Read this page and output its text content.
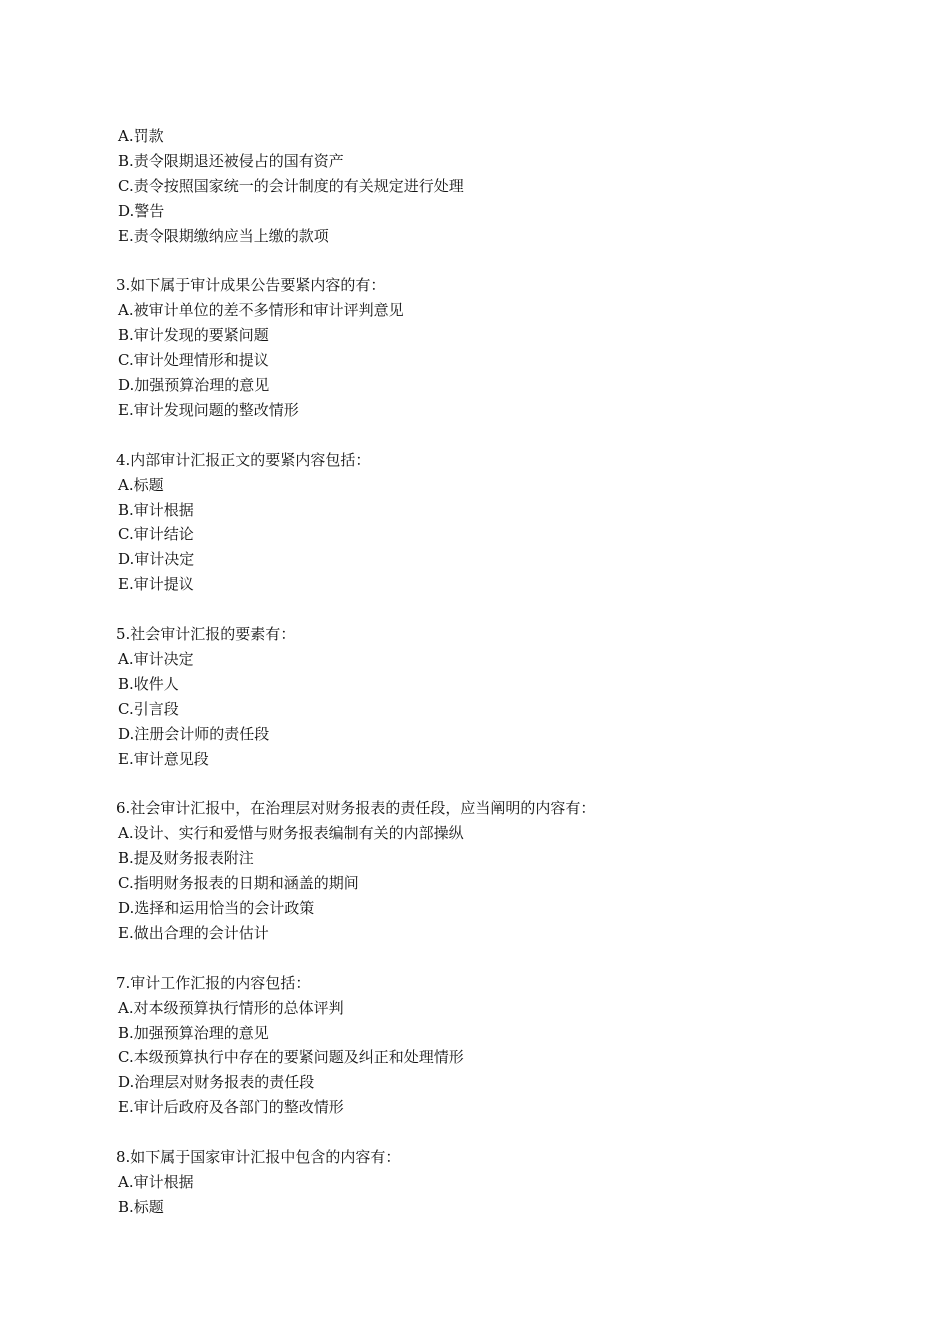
A.罚款

B.责令限期退还被侵占的国有资产

C.责令按照国家统一的会计制度的有关规定进行处理

D.警告

E.责令限期缴纳应当上缴的款项

3.如下属于审计成果公告要紧内容的有：

A.被审计单位的差不多情形和审计评判意见

B.审计发现的要紧问题

C.审计处理情形和提议

D.加强预算治理的意见

E.审计发现问题的整改情形

4.内部审计汇报正文的要紧内容包括：

A.标题

B.审计根据

C.审计结论

D.审计决定

E.审计提议

5.社会审计汇报的要素有：

A.审计决定

B.收件人

C.引言段

D.注册会计师的责任段

E.审计意见段

6.社会审计汇报中，在治理层对财务报表的责任段，应当阐明的内容有：

A.设计、实行和爱惜与财务报表编制有关的内部操纵

B.提及财务报表附注

C.指明财务报表的日期和涵盖的期间

D.选择和运用恰当的会计政策

E.做出合理的会计估计

7.审计工作汇报的内容包括：

A.对本级预算执行情形的总体评判

B.加强预算治理的意见

C.本级预算执行中存在的要紧问题及纠正和处理情形

D.治理层对财务报表的责任段

E.审计后政府及各部门的整改情形

8.如下属于国家审计汇报中包含的内容有：

A.审计根据

B.标题
